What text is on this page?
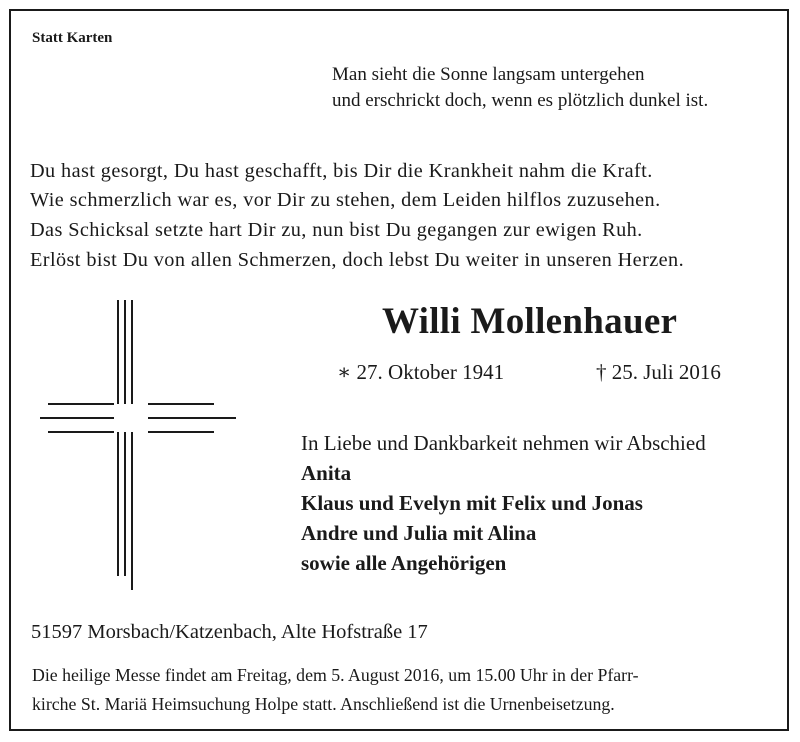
Statt Karten
Man sieht die Sonne langsam untergehen
und erschrickt doch, wenn es plötzlich dunkel ist.
Du hast gesorgt, Du hast geschafft, bis Dir die Krankheit nahm die Kraft.
Wie schmerzlich war es, vor Dir zu stehen, dem Leiden hilflos zuzusehen.
Das Schicksal setzte hart Dir zu, nun bist Du gegangen zur ewigen Ruh.
Erlöst bist Du von allen Schmerzen, doch lebst Du weiter in unseren Herzen.
Willi Mollenhauer
∗ 27. Oktober 1941	† 25. Juli 2016
In Liebe und Dankbarkeit nehmen wir Abschied
Anita
Klaus und Evelyn mit Felix und Jonas
Andre und Julia mit Alina
sowie alle Angehörigen
51597 Morsbach/Katzenbach, Alte Hofstraße 17
Die heilige Messe findet am Freitag, dem 5. August 2016, um 15.00 Uhr in der Pfarr-
kirche St. Mariä Heimsuchung Holpe statt. Anschließend ist die Urnenbeisetzung.
